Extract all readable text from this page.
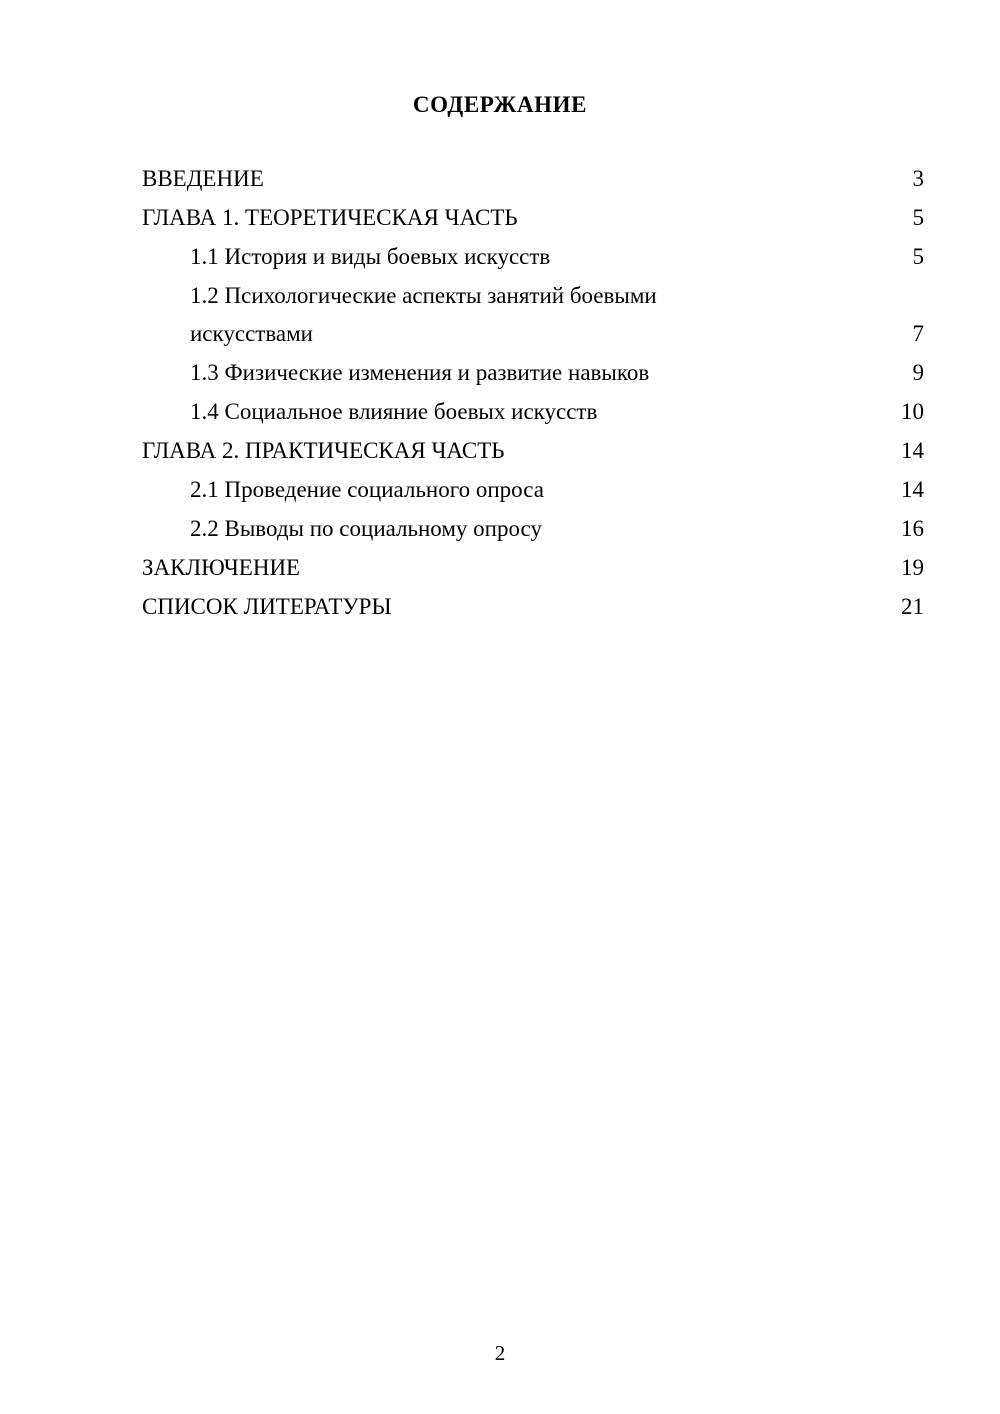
СОДЕРЖАНИЕ
ВВЕДЕНИЕ	3
ГЛАВА 1. ТЕОРЕТИЧЕСКАЯ ЧАСТЬ	5
1.1 История и виды боевых искусств	5
1.2 Психологические аспекты занятий боевыми искусствами	7
1.3 Физические изменения и развитие навыков	9
1.4 Социальное влияние боевых искусств	10
ГЛАВА 2. ПРАКТИЧЕСКАЯ ЧАСТЬ	14
2.1 Проведение социального опроса	14
2.2 Выводы по социальному опросу	16
ЗАКЛЮЧЕНИЕ	19
СПИСОК ЛИТЕРАТУРЫ	21
2
